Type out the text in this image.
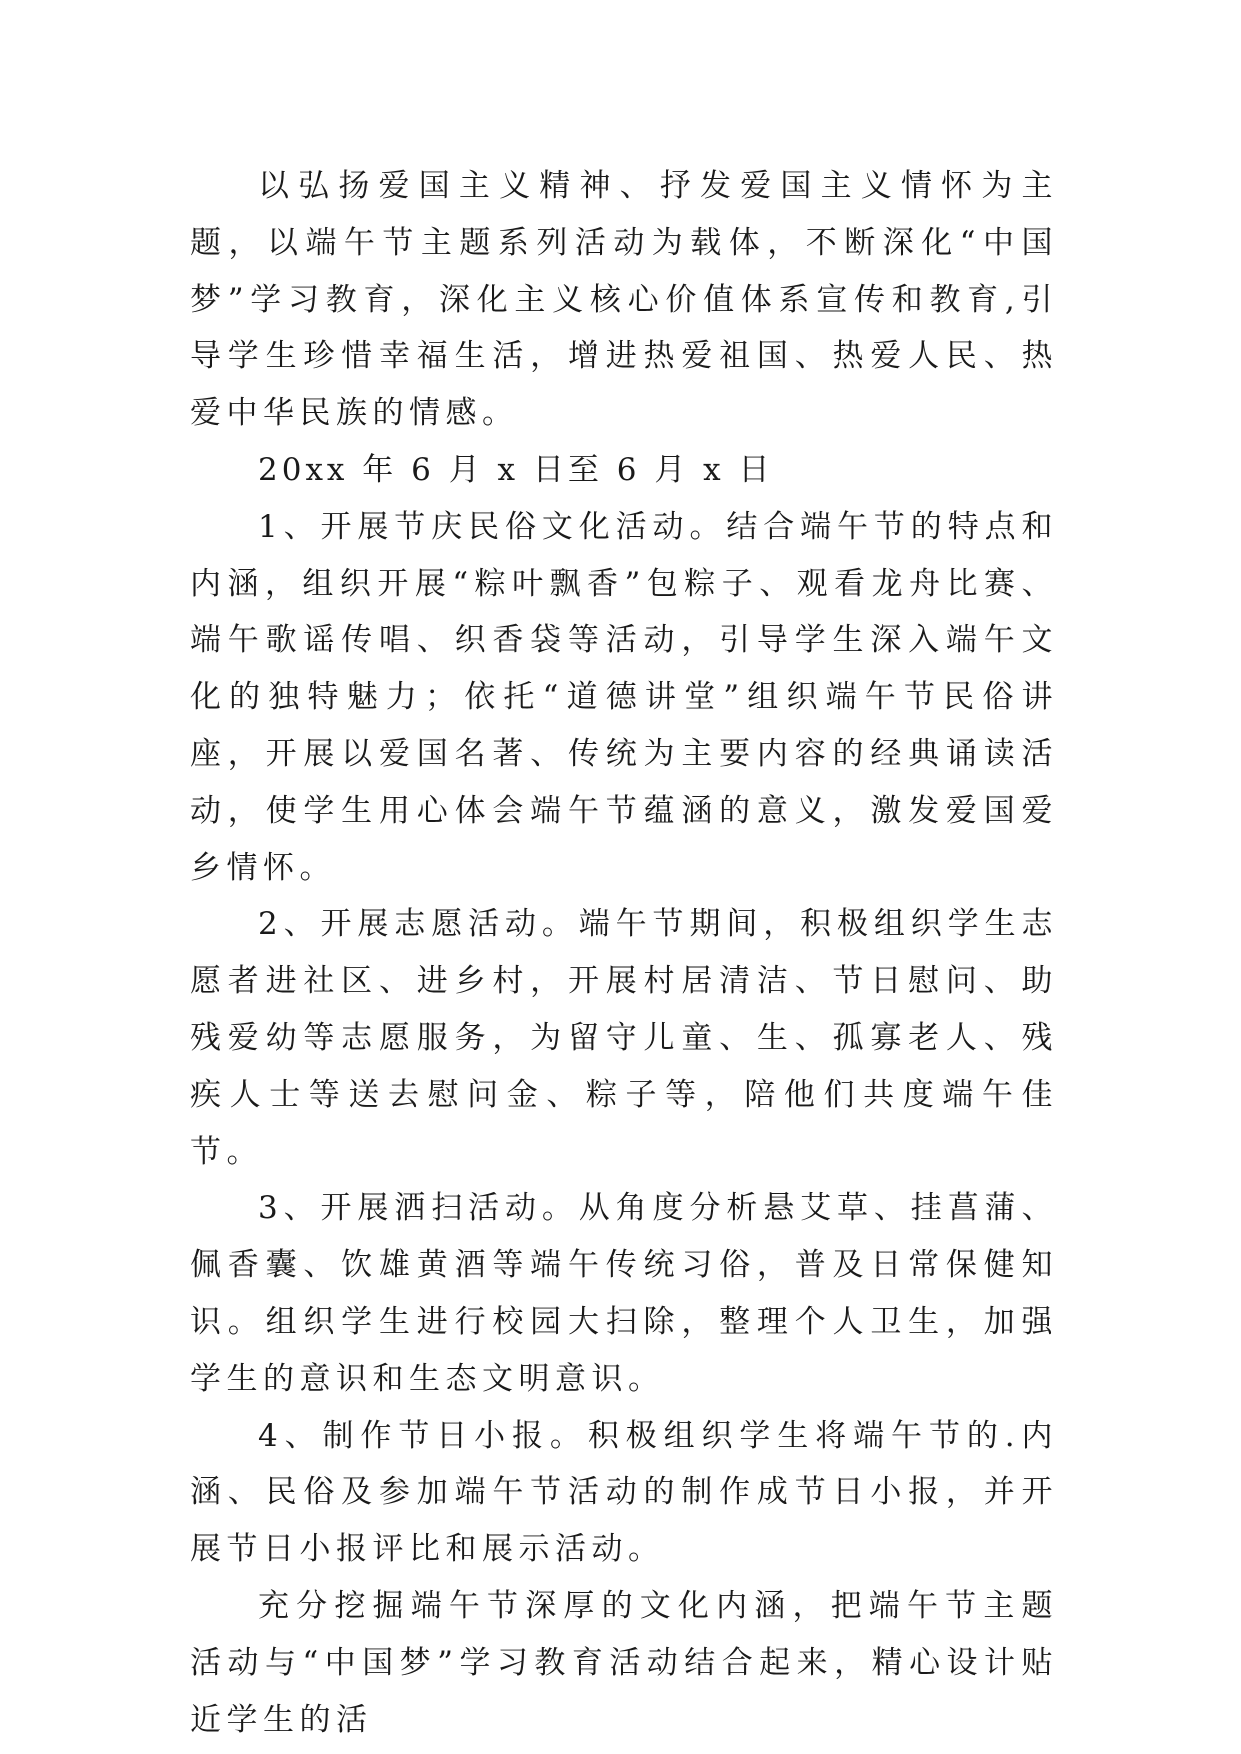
以弘扬爱国主义精神、抒发爱国主义情怀为主题，以端午节主题系列活动为载体，不断深化“中国梦”学习教育，深化主义核心价值体系宣传和教育,引导学生珍惜幸福生活，增进热爱祖国、热爱人民、热爱中华民族的情感。

20xx 年 6 月 x 日至 6 月 x 日

1、开展节庆民俗文化活动。结合端午节的特点和内涵，组织开展“粽叶飘香”包粽子、观看龙舟比赛、端午歌谣传唱、织香袋等活动，引导学生深入端午文化的独特魅力；依托“道德讲堂”组织端午节民俗讲座，开展以爱国名著、传统为主要内容的经典诵读活动，使学生用心体会端午节蕴涵的意义，激发爱国爱乡情怀。

2、开展志愿活动。端午节期间，积极组织学生志愿者进社区、进乡村，开展村居清洁、节日慰问、助残爱幼等志愿服务，为留守儿童、生、孤寡老人、残疾人士等送去慰问金、粽子等，陪他们共度端午佳节。

3、开展洒扫活动。从角度分析悬艾草、挂菖蒲、佩香囊、饮雄黄酒等端午传统习俗，普及日常保健知识。组织学生进行校园大扫除，整理个人卫生，加强学生的意识和生态文明意识。

4、制作节日小报。积极组织学生将端午节的.内涵、民俗及参加端午节活动的制作成节日小报，并开展节日小报评比和展示活动。

充分挖掘端午节深厚的文化内涵，把端午节主题活动与“中国梦”学习教育活动结合起来，精心设计贴近学生的活
